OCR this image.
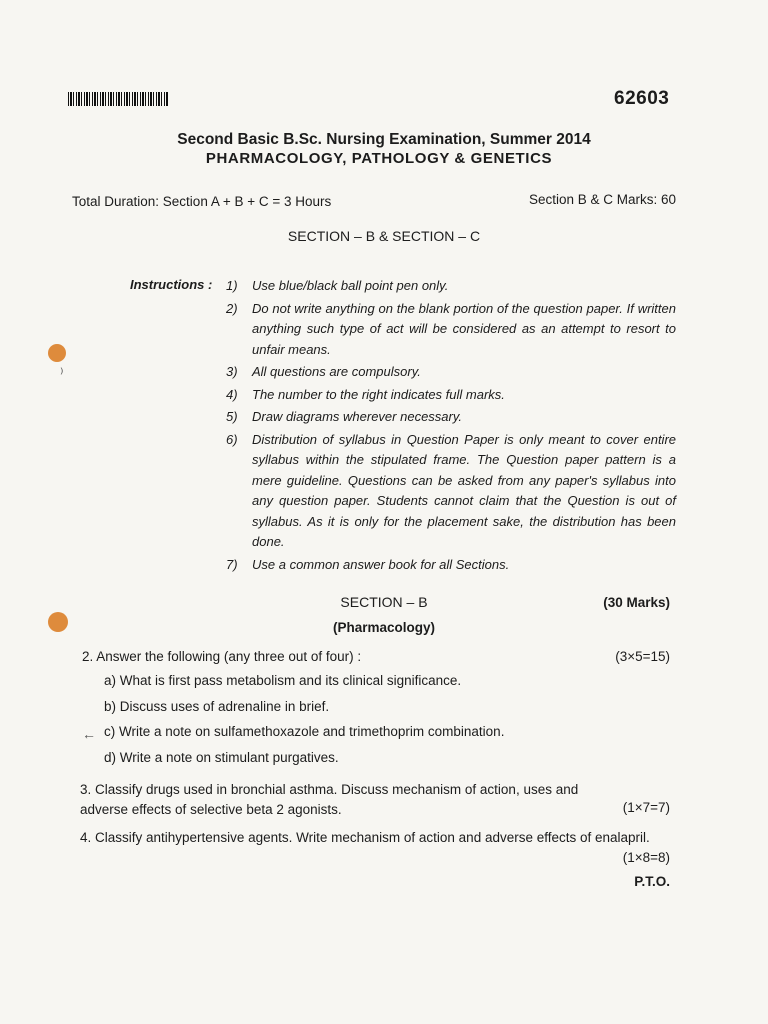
62603
Second Basic B.Sc. Nursing Examination, Summer 2014
PHARMACOLOGY, PATHOLOGY & GENETICS
Total Duration: Section A + B + C = 3 Hours	Section B & C Marks: 60
SECTION – B & SECTION – C
Instructions : 1)	Use blue/black ball point pen only.
2)	Do not write anything on the blank portion of the question paper. If written anything such type of act will be considered as an attempt to resort to unfair means.
3)	All questions are compulsory.
4)	The number to the right indicates full marks.
5)	Draw diagrams wherever necessary.
6)	Distribution of syllabus in Question Paper is only meant to cover entire syllabus within the stipulated frame. The Question paper pattern is a mere guideline. Questions can be asked from any paper's syllabus into any question paper. Students cannot claim that the Question is out of syllabus. As it is only for the placement sake, the distribution has been done.
7)	Use a common answer book for all Sections.
SECTION – B	(30 Marks)
(Pharmacology)
2. Answer the following (any three out of four) :	(3×5=15)
a) What is first pass metabolism and its clinical significance.
b) Discuss uses of adrenaline in brief.
c) Write a note on sulfamethoxazole and trimethoprim combination.
d) Write a note on stimulant purgatives.
3. Classify drugs used in bronchial asthma. Discuss mechanism of action, uses and adverse effects of selective beta 2 agonists.	(1×7=7)
4. Classify antihypertensive agents. Write mechanism of action and adverse effects of enalapril.
(1×8=8)
P.T.O.
⁾
←
